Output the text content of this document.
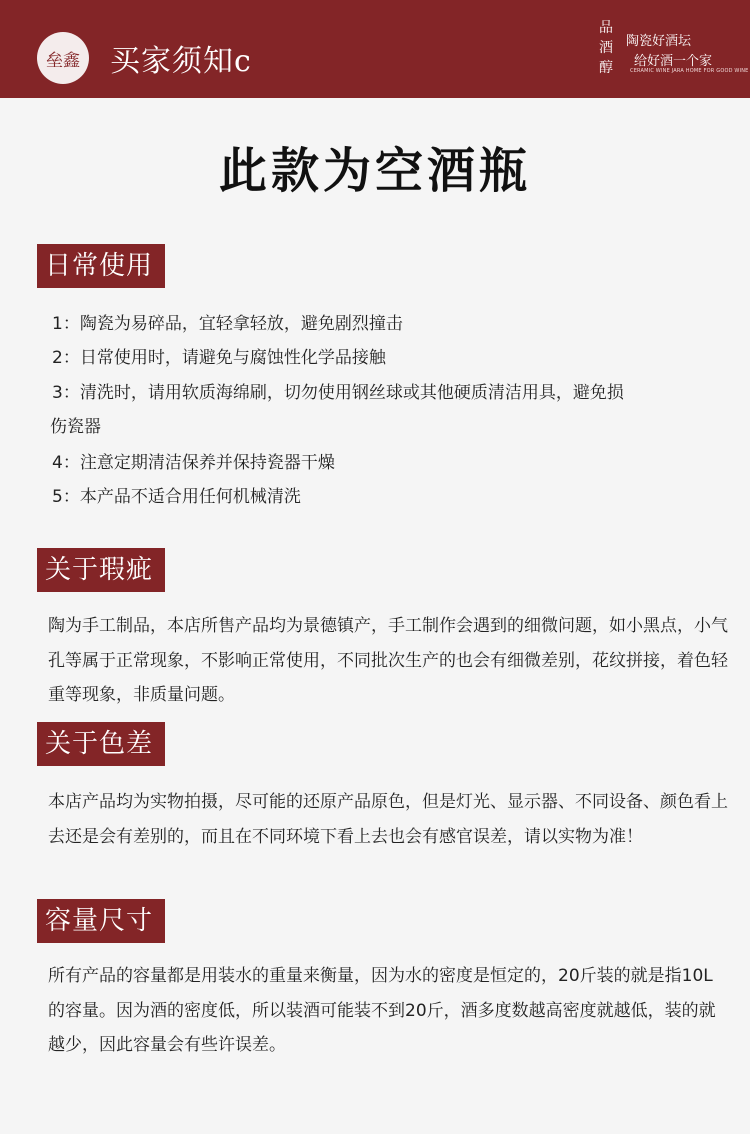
垒鑫	买家须知c
品酒醇
陶瓷好酒坛
给好酒一个家
CERAMIC WINE JARA HOME FOR GOOD WINE
此款为空酒瓶
日常使用

1：陶瓷为易碎品，宜轻拿轻放，避免剧烈撞击

2：日常使用时，请避免与腐蚀性化学品接触

3：清洗时，请用软质海绵刷，切勿使用钢丝球或其他硬质清洁用具，避免损

伤瓷器

4：注意定期清洁保养并保持瓷器干燥

5：本产品不适合用任何机械清洗

关于瑕疵

陶为手工制品，本店所售产品均为景德镇产，手工制作会遇到的细微问题，如小黑点，小气孔等属于正常现象，不影响正常使用，不同批次生产的也会有细微差别，花纹拼接，着色轻重等现象，非质量问题。

关于色差

本店产品均为实物拍摄，尽可能的还原产品原色，但是灯光、显示器、不同设备、颜色看上去还是会有差别的，而且在不同环境下看上去也会有感官误差，请以实物为准！

容量尺寸

所有产品的容量都是用装水的重量来衡量，因为水的密度是恒定的，20斤装的就是指10L的容量。因为酒的密度低，所以装酒可能装不到20斤，酒多度数越高密度就越低，装的就越少，因此容量会有些许误差。
